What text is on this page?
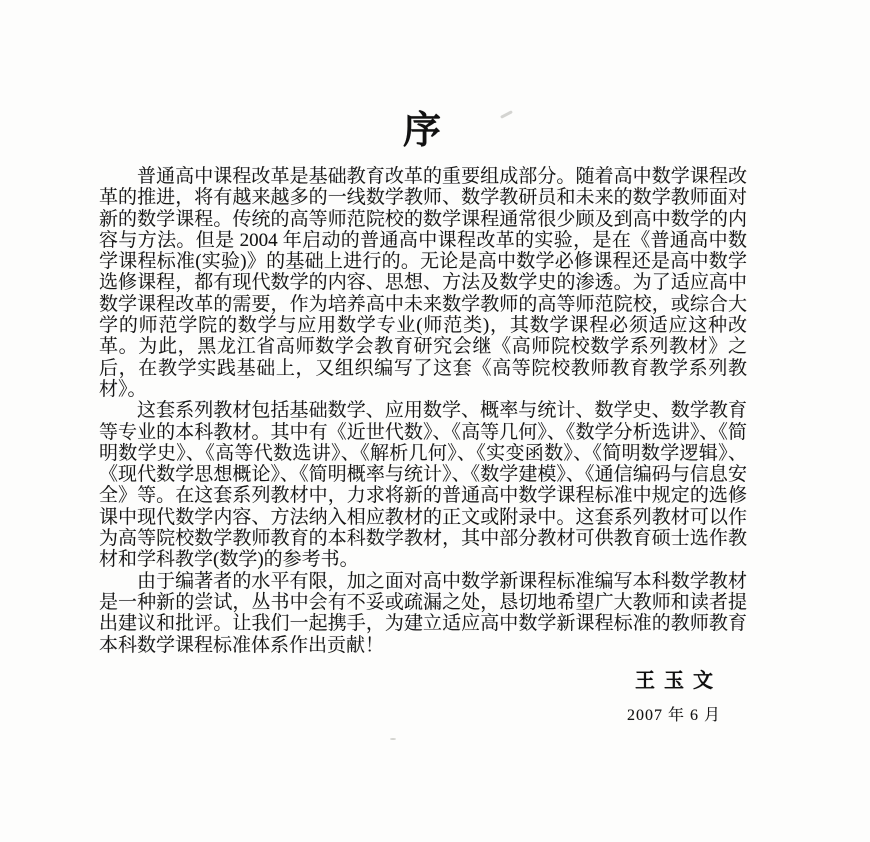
序

普通高中课程改革是基础教育改革的重要组成部分。随着高中数学课程改革的推进，将有越来越多的一线数学教师、数学教研员和未来的数学教师面对新的数学课程。传统的高等师范院校的数学课程通常很少顾及到高中数学的内容与方法。但是 2004 年启动的普通高中课程改革的实验，是在《普通高中数学课程标准(实验)》的基础上进行的。无论是高中数学必修课程还是高中数学选修课程，都有现代数学的内容、思想、方法及数学史的渗透。为了适应高中数学课程改革的需要，作为培养高中未来数学教师的高等师范院校，或综合大学的师范学院的数学与应用数学专业(师范类)，其数学课程必须适应这种改革。为此，黑龙江省高师数学会教育研究会继《高师院校数学系列教材》之后，在教学实践基础上，又组织编写了这套《高等院校教师教育教学系列教材》。

这套系列教材包括基础数学、应用数学、概率与统计、数学史、数学教育等专业的本科教材。其中有《近世代数》、《高等几何》、《数学分析选讲》、《简明数学史》、《高等代数选讲》、《解析几何》、《实变函数》、《简明数学逻辑》、《现代数学思想概论》、《简明概率与统计》、《数学建模》、《通信编码与信息安全》等。在这套系列教材中，力求将新的普通高中数学课程标准中规定的选修课中现代数学内容、方法纳入相应教材的正文或附录中。这套系列教材可以作为高等院校数学教师教育的本科数学教材，其中部分教材可供教育硕士选作教材和学科教学(数学)的参考书。

由于编著者的水平有限，加之面对高中数学新课程标准编写本科数学教材是一种新的尝试，丛书中会有不妥或疏漏之处，恳切地希望广大教师和读者提出建议和批评。让我们一起携手，为建立适应高中数学新课程标准的教师教育本科数学课程标准体系作出贡献！

王玉文
2007 年 6 月
